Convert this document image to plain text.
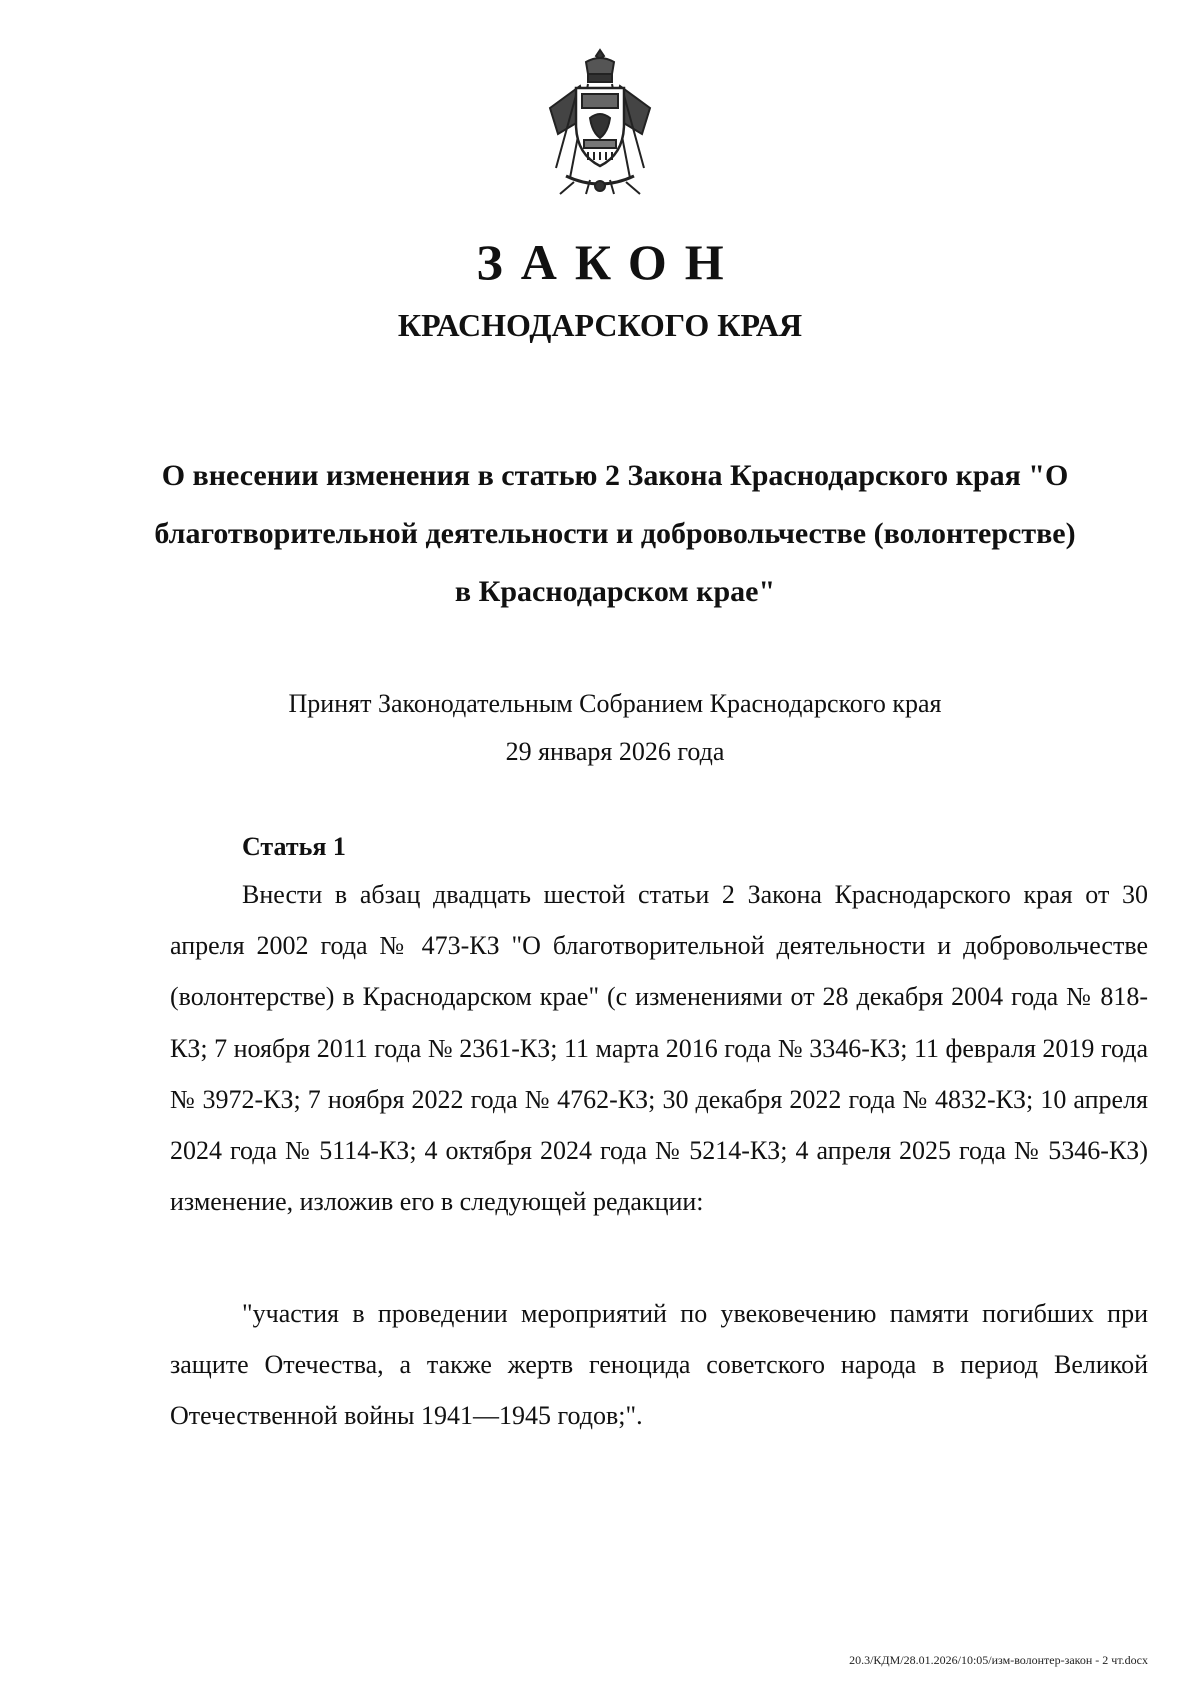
ЗАКОН
КРАСНОДАРСКОГО КРАЯ
О внесении изменения в статью 2 Закона Краснодарского края "О благотворительной деятельности и добровольчестве (волонтерстве) в Краснодарском крае"
Принят Законодательным Собранием Краснодарского края
29 января 2026 года
Статья 1

Внести в абзац двадцать шестой статьи 2 Закона Краснодарского края от 30 апреля 2002 года № 473-КЗ "О благотворительной деятельности и добровольчестве (волонтерстве) в Краснодарском крае" (с изменениями от 28 декабря 2004 года № 818-КЗ; 7 ноября 2011 года № 2361-КЗ; 11 марта 2016 года № 3346-КЗ; 11 февраля 2019 года № 3972-КЗ; 7 ноября 2022 года № 4762-КЗ; 30 декабря 2022 года № 4832-КЗ; 10 апреля 2024 года № 5114-КЗ; 4 октября 2024 года № 5214-КЗ; 4 апреля 2025 года № 5346-КЗ) изменение, изложив его в следующей редакции:

"участия в проведении мероприятий по увековечению памяти погибших при защите Отечества, а также жертв геноцида советского народа в период Великой Отечественной войны 1941—1945 годов;".

20.3/КДМ/28.01.2026/10:05/изм-волонтер-закон - 2 чт.docx
